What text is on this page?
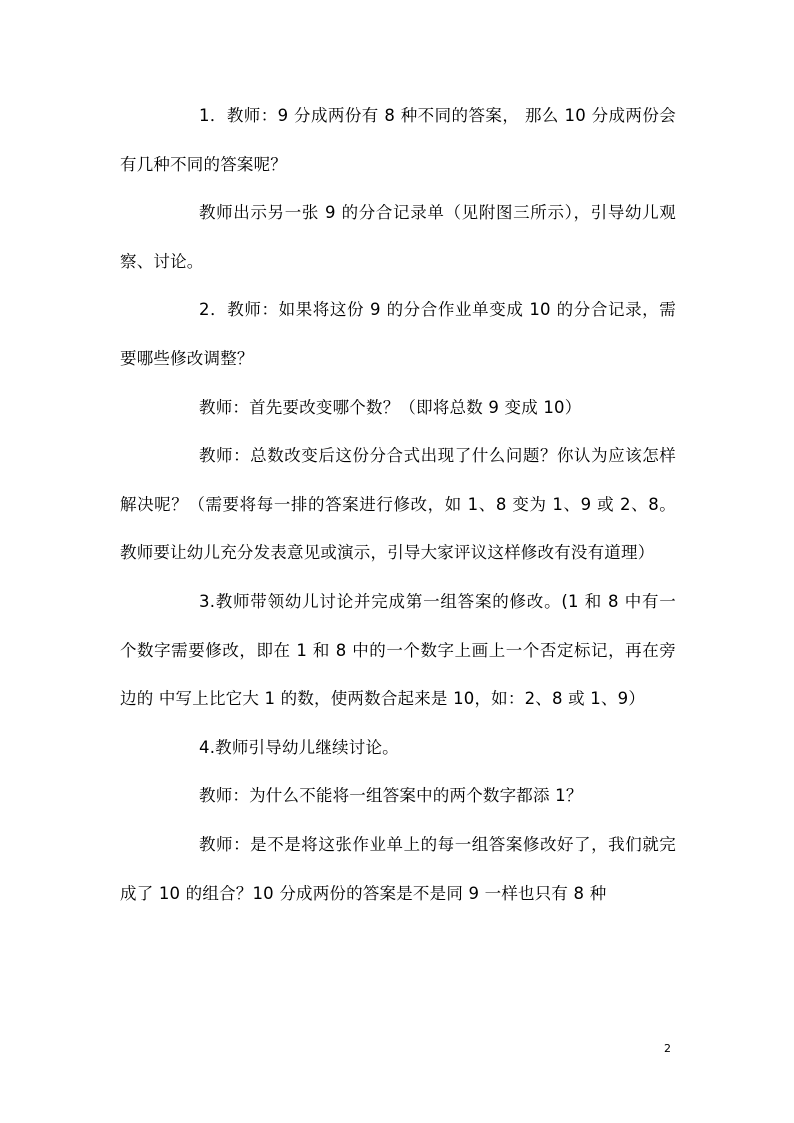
1．教师：9 分成两份有 8 种不同的答案， 那么 10 分成两份会有几种不同的答案呢？

教师出示另一张 9 的分合记录单（见附图三所示），引导幼儿观察、讨论。

2．教师：如果将这份 9 的分合作业单变成 10 的分合记录，需要哪些修改调整？

教师：首先要改变哪个数？（即将总数 9 变成 10）

教师：总数改变后这份分合式出现了什么问题？你认为应该怎样解决呢？（需要将每一排的答案进行修改，如 1、8 变为 1、9 或 2、8。教师要让幼儿充分发表意见或演示，引导大家评议这样修改有没有道理）

3.教师带领幼儿讨论并完成第一组答案的修改。(1 和 8 中有一个数字需要修改，即在 1 和 8 中的一个数字上画上一个否定标记，再在旁边的 中写上比它大 1 的数，使两数合起来是 10，如：2、8 或 1、9）

4.教师引导幼儿继续讨论。

教师：为什么不能将一组答案中的两个数字都添 1？

教师：是不是将这张作业单上的每一组答案修改好了，我们就完成了 10 的组合？10 分成两份的答案是不是同 9 一样也只有 8 种

2
